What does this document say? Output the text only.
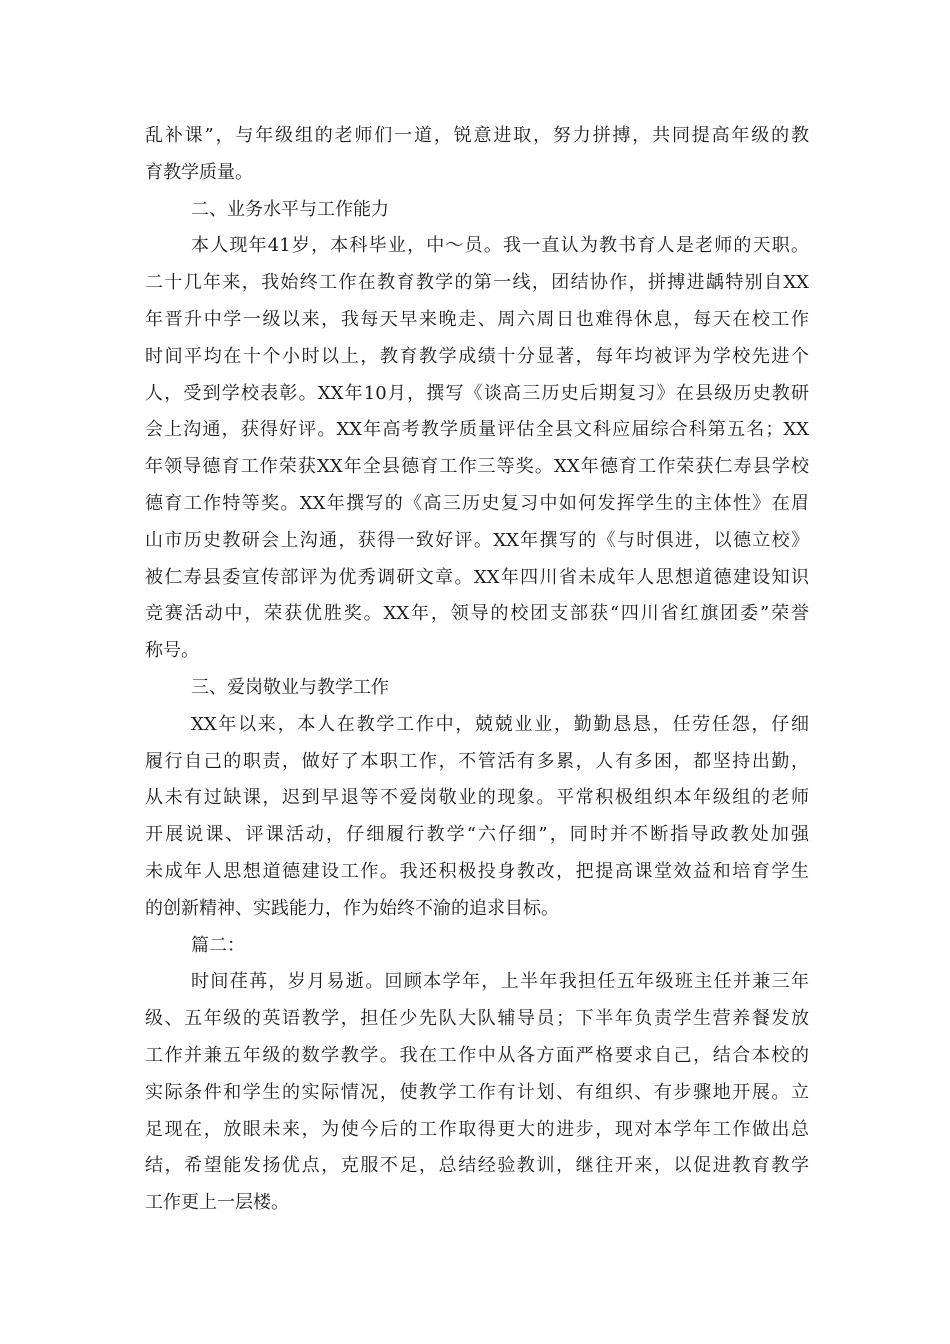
乱补课”，与年级组的老师们一道，锐意进取，努力拼搏，共同提高年级的教
育教学质量。
二、业务水平与工作能力
本人现年41岁，本科毕业，中～员。我一直认为教书育人是老师的天职。
二十几年来，我始终工作在教育教学的第一线，团结协作，拼搏进龋特别自XX
年晋升中学一级以来，我每天早来晚走、周六周日也难得休息，每天在校工作
时间平均在十个小时以上，教育教学成绩十分显著，每年均被评为学校先进个
人，受到学校表彰。XX年10月，撰写《谈高三历史后期复习》在县级历史教研
会上沟通，获得好评。XX年高考教学质量评估全县文科应届综合科第五名；XX
年领导德育工作荣获XX年全县德育工作三等奖。XX年德育工作荣获仁寿县学校
德育工作特等奖。XX年撰写的《高三历史复习中如何发挥学生的主体性》在眉
山市历史教研会上沟通，获得一致好评。XX年撰写的《与时俱进，以德立校》
被仁寿县委宣传部评为优秀调研文章。XX年四川省未成年人思想道德建设知识
竞赛活动中，荣获优胜奖。XX年，领导的校团支部获“四川省红旗团委”荣誉
称号。
三、爱岗敬业与教学工作
XX年以来，本人在教学工作中，兢兢业业，勤勤恳恳，任劳任怨，仔细
履行自己的职责，做好了本职工作，不管活有多累，人有多困，都坚持出勤，
从未有过缺课，迟到早退等不爱岗敬业的现象。平常积极组织本年级组的老师
开展说课、评课活动，仔细履行教学“六仔细”，同时并不断指导政教处加强
未成年人思想道德建设工作。我还积极投身教改，把提高课堂效益和培育学生
的创新精神、实践能力，作为始终不渝的追求目标。
篇二：
时间荏苒，岁月易逝。回顾本学年，上半年我担任五年级班主任并兼三年
级、五年级的英语教学，担任少先队大队辅导员；下半年负责学生营养餐发放
工作并兼五年级的数学教学。我在工作中从各方面严格要求自己，结合本校的
实际条件和学生的实际情况，使教学工作有计划、有组织、有步骤地开展。立
足现在，放眼未来，为使今后的工作取得更大的进步，现对本学年工作做出总
结，希望能发扬优点，克服不足，总结经验教训，继往开来，以促进教育教学
工作更上一层楼。
